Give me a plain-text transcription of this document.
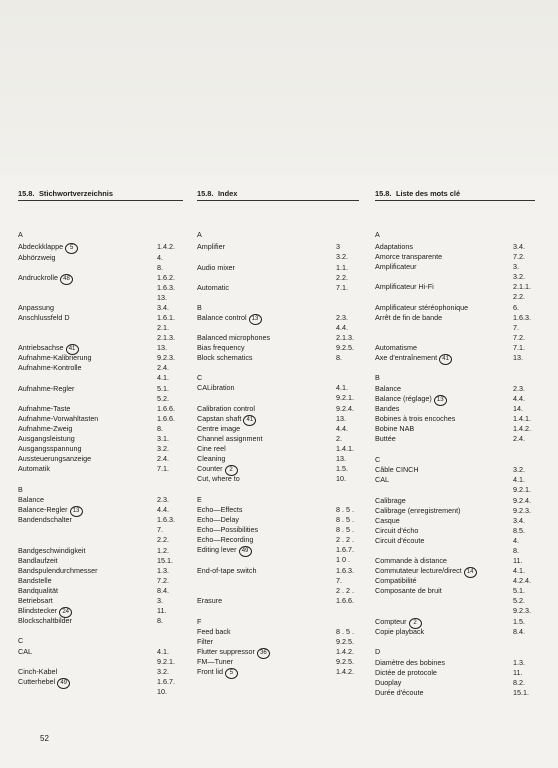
15.8. Stichwortverzeichnis
A
Abdeckklappe 5	1.4.2.
Abhörzweig	4.
8.
Andruckrolle 48	1.6.2.
1.6.3.
13.
Anpassung	3.4.
Anschlussfeld D	1.6.1.
2.1.
2.1.3.
Antriebsachse 41	13.
Aufnahme-Kalibrierung	9.2.3.
Aufnahme-Kontrolle	2.4.
4.1.
Aufnahme-Regler	5.1.
5.2.
Aufnahme-Taste	1.6.6.
Aufnahme-Vorwahltasten	1.6.6.
Aufnahme-Zweig	8.
Ausgangsleistung	3.1.
Ausgangsspannung	3.2.
Aussteuerungsanzeige	2.4.
Automatik	7.1.
B
Balance	2.3.
Balance-Regler 13	4.4.
Bandendschalter	1.6.3.
7.
2.2.
Bandgeschwindigkeit	1.2.
Bandlaufzeit	15.1.
Bandspulendurchmesser	1.3.
Bandstelle	7.2.
Bandqualität	8.4.
Betriebsart	3.
Blindstecker 24	11.
Blockschaltbilder	8.
C
CAL	4.1.
9.2.1.
Cinch-Kabel	3.2.
Cutterhebel 49	1.6.7.
10.
15.8. Index
A
Amplifier	3
3.2.
Audio mixer	1.1.
2.2.
Automatic	7.1.
B
Balance control 13	2.3.
4.4.
Balanced microphones	2.1.3.
Bias frequency	9.2.5.
Block schematics	8.
C
CALibration	4.1.
9.2.1.
Calibration control	9.2.4.
Capstan shaft 41	13.
Centre image	4.4.
Channel assignment	2.
Cine reel	1.4.1.
Cleaning	13.
Counter 2	1.5.
Cut, where to	10.
E
Echo—Effects	8 . 5 .
Echo—Delay	8 . 5 .
Echo—Possibilities	8 . 5 .
Echo—Recording	2 . 2 .
Editing lever 49	1.6.7.
1 0 .
End-of-tape switch	1.6.3.
7.
2 . 2 .
Erasure	1.6.6.
F
Feed back	8 . 5 .
Filter	9.2.5.
Flutter suppressor 36	1.4.2.
FM—Tuner	9.2.5.
Front lid 5	1.4.2.
15.8. Liste des mots clé
A
Adaptations	3.4.
Amorce transparente	7.2.
Amplificateur	3.
3.2.
Amplificateur Hi-Fi	2.1.1.
2.2.
Amplificateur stéréophonique	6.
Arrêt de fin de bande	1.6.3.
7.
7.2.
Automatisme	7.1.
Axe d'entraînement 41	13.
B
Balance	2.3.
Balance (réglage) 13	4.4.
Bandes	14.
Bobines à trois encoches	1.4.1.
Bobine NAB	1.4.2.
Buttée	2.4.
C
Câble CINCH	3.2.
CAL	4.1.
9.2.1.
Calibrage	9.2.4.
Calibrage (enregistrement)	9.2.3.
Casque	3.4.
Circuit d'écho	8.5.
Circuit d'écoute	4.
8.
Commande à distance	11.
Commutateur lecture/direct 14	4.1.
Compatibilité	4.2.4.
Composante de bruit	5.1.
5.2.
9.2.3.
Compteur 2	1.5.
Copie playback	8.4.
D
Diamètre des bobines	1.3.
Dictée de protocole	11.
Duoplay	8.2.
Durée d'écoute	15.1.
52
